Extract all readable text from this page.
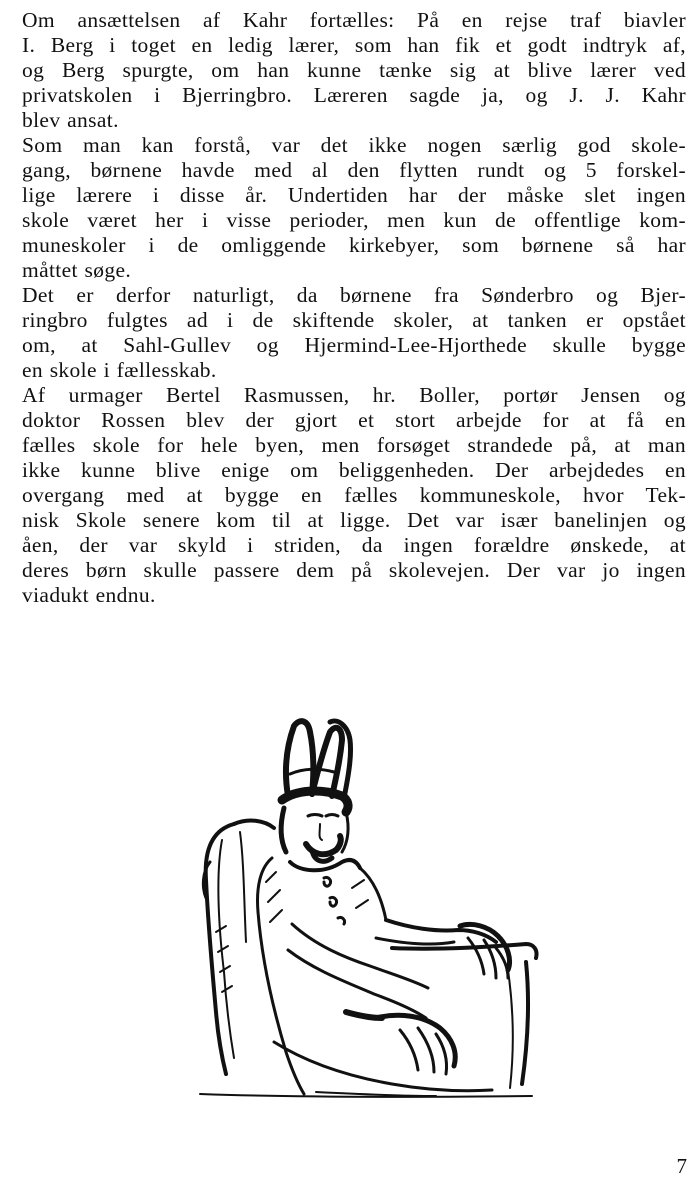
Om ansættelsen af Kahr fortælles: På en rejse traf biavler
I. Berg i toget en ledig lærer, som han fik et godt indtryk af,
og Berg spurgte, om han kunne tænke sig at blive lærer ved
privatskolen i Bjerringbro. Læreren sagde ja, og J. J. Kahr
blev ansat.

Som man kan forstå, var det ikke nogen særlig god skole-
gang, børnene havde med al den flytten rundt og 5 forskel-
lige lærere i disse år. Undertiden har der måske slet ingen
skole været her i visse perioder, men kun de offentlige kom-
muneskoler i de omliggende kirkebyer, som børnene så har
måttet søge.

Det er derfor naturligt, da børnene fra Sønderbro og Bjer-
ringbro fulgtes ad i de skiftende skoler, at tanken er opstået
om, at Sahl-Gullev og Hjermind-Lee-Hjorthede skulle bygge
en skole i fællesskab.

Af urmager Bertel Rasmussen, hr. Boller, portør Jensen og
doktor Rossen blev der gjort et stort arbejde for at få en
fælles skole for hele byen, men forsøget strandede på, at man
ikke kunne blive enige om beliggenheden. Der arbejdedes en
overgang med at bygge en fælles kommuneskole, hvor Tek-
nisk Skole senere kom til at ligge. Det var især banelinjen og
åen, der var skyld i striden, da ingen forældre ønskede, at
deres børn skulle passere dem på skolevejen. Der var jo ingen
viadukt endnu.

7
